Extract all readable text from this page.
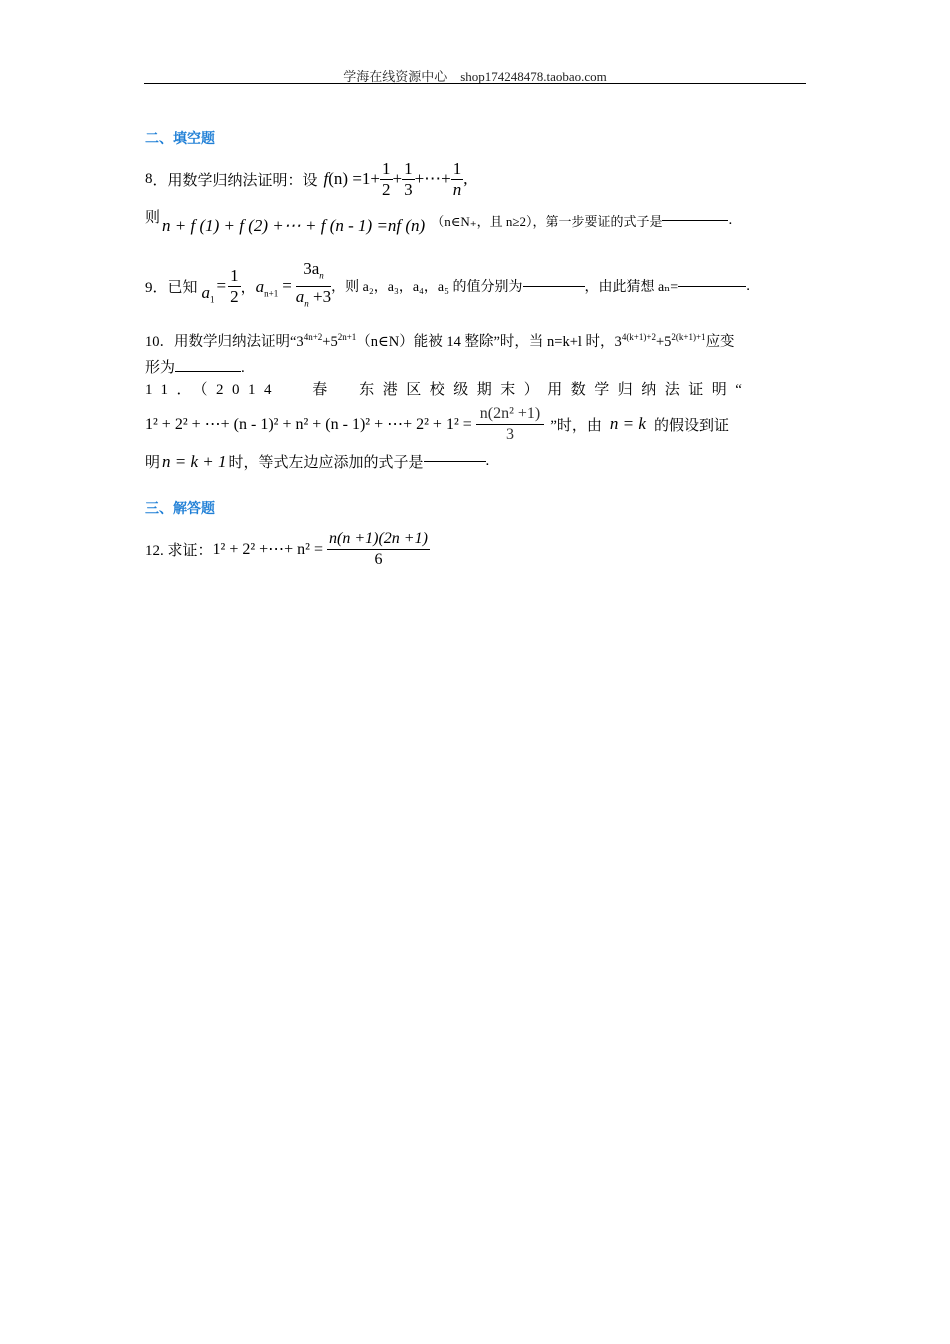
学海在线资源中心　shop174248478.taobao.com
二、填空题
8 ．用数学归纳法证明：设 f $(n) =1+ \frac{1}{2} + \frac{1}{3}$ +⋯+ $\frac{1}{n}$ ,
则 n + f (1) + f (2) +⋯ + f (n - 1) =nf (n) （n∈N₊，且 n≥2），第一步要证的式子是	.
9．已知 $a_1$
= $\frac{1}{2}$ ， $a_{n+1} = \frac{3a_n}{a_n +3}$ ，则 a₂，a₃，a₄，a₅ 的值分别为	，由此猜想 aₙ=	.
10．用数学归纳法证明“$3^{4n+2}+5^{2n+1}(n\in N)$能被 14 整除”时，当 n=k+l 时，$3^{4(k+1)+2}+5^{2(k+1)+1}$应变
形为	.
11．（2014 春　东港区校级期末）用数学归纳法证明“
1² + 2² + ⋯+ (n - 1)² + n² + (n - 1)² + ⋯+ $2^2 + 1^2 = \frac{\text{n(2n² +1)}}{3}$ ”时，由 n = k 的假设到证
明 n = k + 1 时，等式左边应添加的式子是	.
三、解答题
12. 求证： 1² + 2² +⋯+ $n^2 = \frac{n(n +1)(2n +1)}{6}$
